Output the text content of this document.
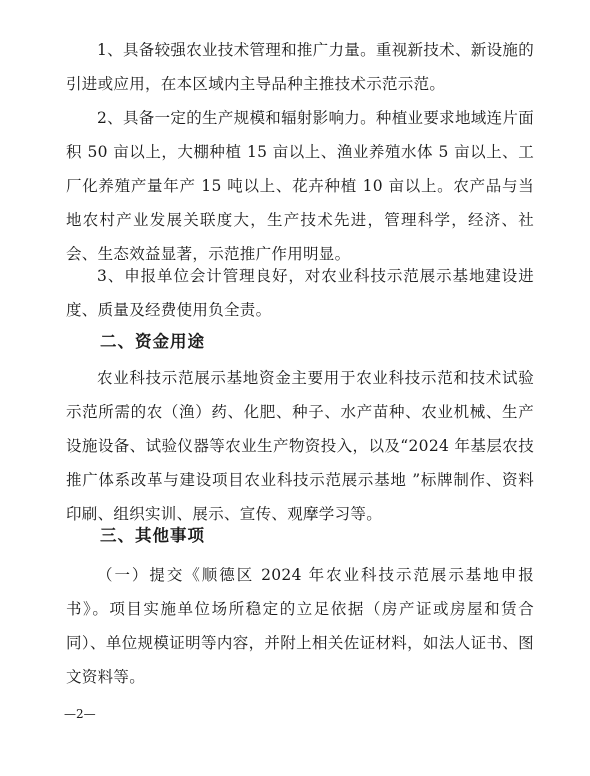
1、具备较强农业技术管理和推广力量。重视新技术、新设施的引进或应用，在本区域内主导品种主推技术示范示范。

2、具备一定的生产规模和辐射影响力。种植业要求地域连片面积 50 亩以上，大棚种植 15 亩以上、渔业养殖水体 5 亩以上、工厂化养殖产量年产 15 吨以上、花卉种植 10 亩以上。农产品与当地农村产业发展关联度大，生产技术先进，管理科学，经济、社会、生态效益显著，示范推广作用明显。

3、申报单位会计管理良好，对农业科技示范展示基地建设进度、质量及经费使用负全责。

二、资金用途

农业科技示范展示基地资金主要用于农业科技示范和技术试验示范所需的农（渔）药、化肥、种子、水产苗种、农业机械、生产设施设备、试验仪器等农业生产物资投入，以及“2024 年基层农技推广体系改革与建设项目农业科技示范展示基地 ”标牌制作、资料印刷、组织实训、展示、宣传、观摩学习等。

三、其他事项

（一）提交《顺德区 2024 年农业科技示范展示基地申报书》。项目实施单位场所稳定的立足依据（房产证或房屋和赁合同）、单位规模证明等内容，并附上相关佐证材料，如法人证书、图文资料等。

—2—
